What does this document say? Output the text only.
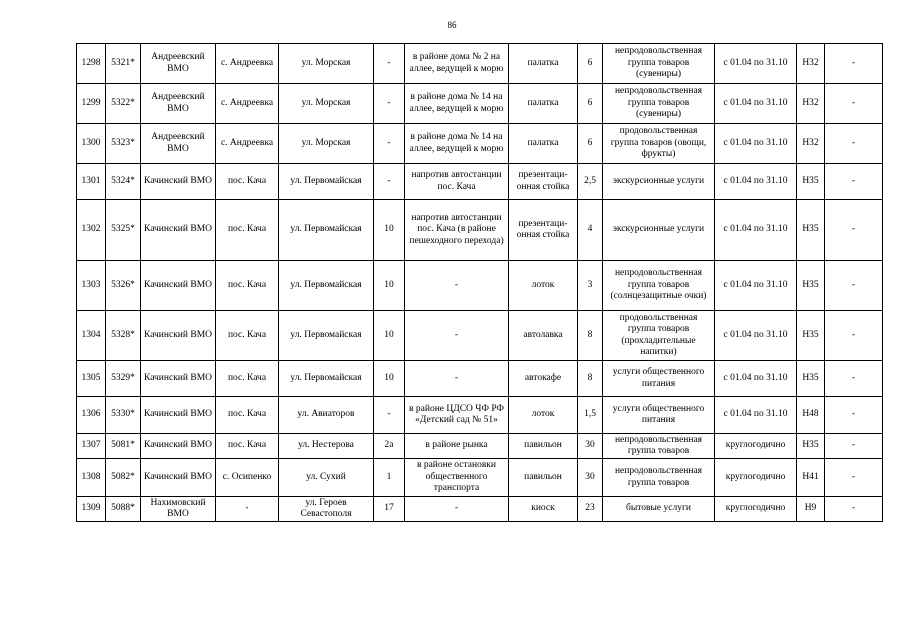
86
1298	5321*	Андреевский ВМО	с. Андреевка	ул. Морская	-	в районе дома № 2 на аллее, ведущей к морю	палатка	6	непродовольственная группа товаров (сувениры)	с 01.04 по 31.10	Н32	-
1299	5322*	Андреевский ВМО	с. Андреевка	ул. Морская	-	в районе дома № 14 на аллее, ведущей к морю	палатка	6	непродовольственная группа товаров (сувениры)	с 01.04 по 31.10	Н32	-
1300	5323*	Андреевский ВМО	с. Андреевка	ул. Морская	-	в районе дома № 14 на аллее, ведущей к морю	палатка	6	продовольственная группа товаров (овощи, фрукты)	с 01.04 по 31.10	Н32	-
1301	5324*	Качинский ВМО	пос. Кача	ул. Первомайская	-	напротив автостанции пос. Кача	презентаци-онная стойка	2,5	экскурсионные услуги	с 01.04 по 31.10	Н35	-
1302	5325*	Качинский ВМО	пос. Кача	ул. Первомайская	10	напротив автостанции пос. Кача (в районе пешеходного перехода)	презентаци-онная стойка	4	экскурсионные услуги	с 01.04 по 31.10	Н35	-
1303	5326*	Качинский ВМО	пос. Кача	ул. Первомайская	10	-	лоток	3	непродовольственная группа товаров (солнцезащитные очки)	с 01.04 по 31.10	Н35	-
1304	5328*	Качинский ВМО	пос. Кача	ул. Первомайская	10	-	автолавка	8	продовольственная группа товаров (прохладительные напитки)	с 01.04 по 31.10	Н35	-
1305	5329*	Качинский ВМО	пос. Кача	ул. Первомайская	10	-	автокафе	8	услуги общественного питания	с 01.04 по 31.10	Н35	-
1306	5330*	Качинский ВМО	пос. Кача	ул. Авиаторов	-	в районе ЦДСО ЧФ РФ «Детский сад № 51»	лоток	1,5	услуги общественного питания	с 01.04 по 31.10	Н48	-
1307	5081*	Качинский ВМО	пос. Кача	ул. Нестерова	2а	в районе рынка	павильон	30	непродовольственная группа товаров	круглогодично	Н35	-
1308	5082*	Качинский ВМО	с. Осипенко	ул. Сухий	1	в районе остановки общественного транспорта	павильон	30	непродовольственная группа товаров	круглогодично	Н41	-
1309	5088*	Нахимовский ВМО	-	ул. Героев Севастополя	17	-	киоск	23	бытовые услуги	круглогодично	Н9	-
